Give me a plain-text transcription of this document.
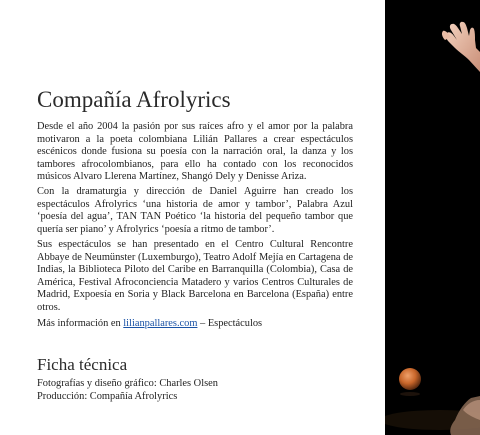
Compañía Afrolyrics

Desde el año 2004 la pasión por sus raíces afro y el amor por la palabra motivaron a la poeta colombiana Lilián Pallares a crear espectáculos escénicos donde fusiona su poesía con la narración oral, la danza y los tambores afrocolombianos, para ello ha contado con los reconocidos músicos Alvaro Llerena Martínez, Shangó Dely y Denisse Ariza.

Con la dramaturgia y dirección de Daniel Aguirre han creado los espectáculos Afrolyrics ‘una historia de amor y tambor’, Palabra Azul ‘poesía del agua’, TAN TAN Poético ‘la historia del pequeño tambor que quería ser piano’ y Afrolyrics ‘poesía a ritmo de tambor’.

Sus espectáculos se han presentado en el Centro Cultural Rencontre Abbaye de Neumünster (Luxemburgo), Teatro Adolf Mejía en Cartagena de Indias, la Biblioteca Piloto del Caribe en Barranquilla (Colombia), Casa de América, Festival Afroconciencia Matadero y varios Centros Culturales de Madrid, Expoesía en Soria y Black Barcelona en Barcelona (España) entre otros.

Más información en lilianpallares.com – Espectáculos

Ficha técnica
Fotografías y diseño gráfico: Charles Olsen
Producción: Compañía Afrolyrics
